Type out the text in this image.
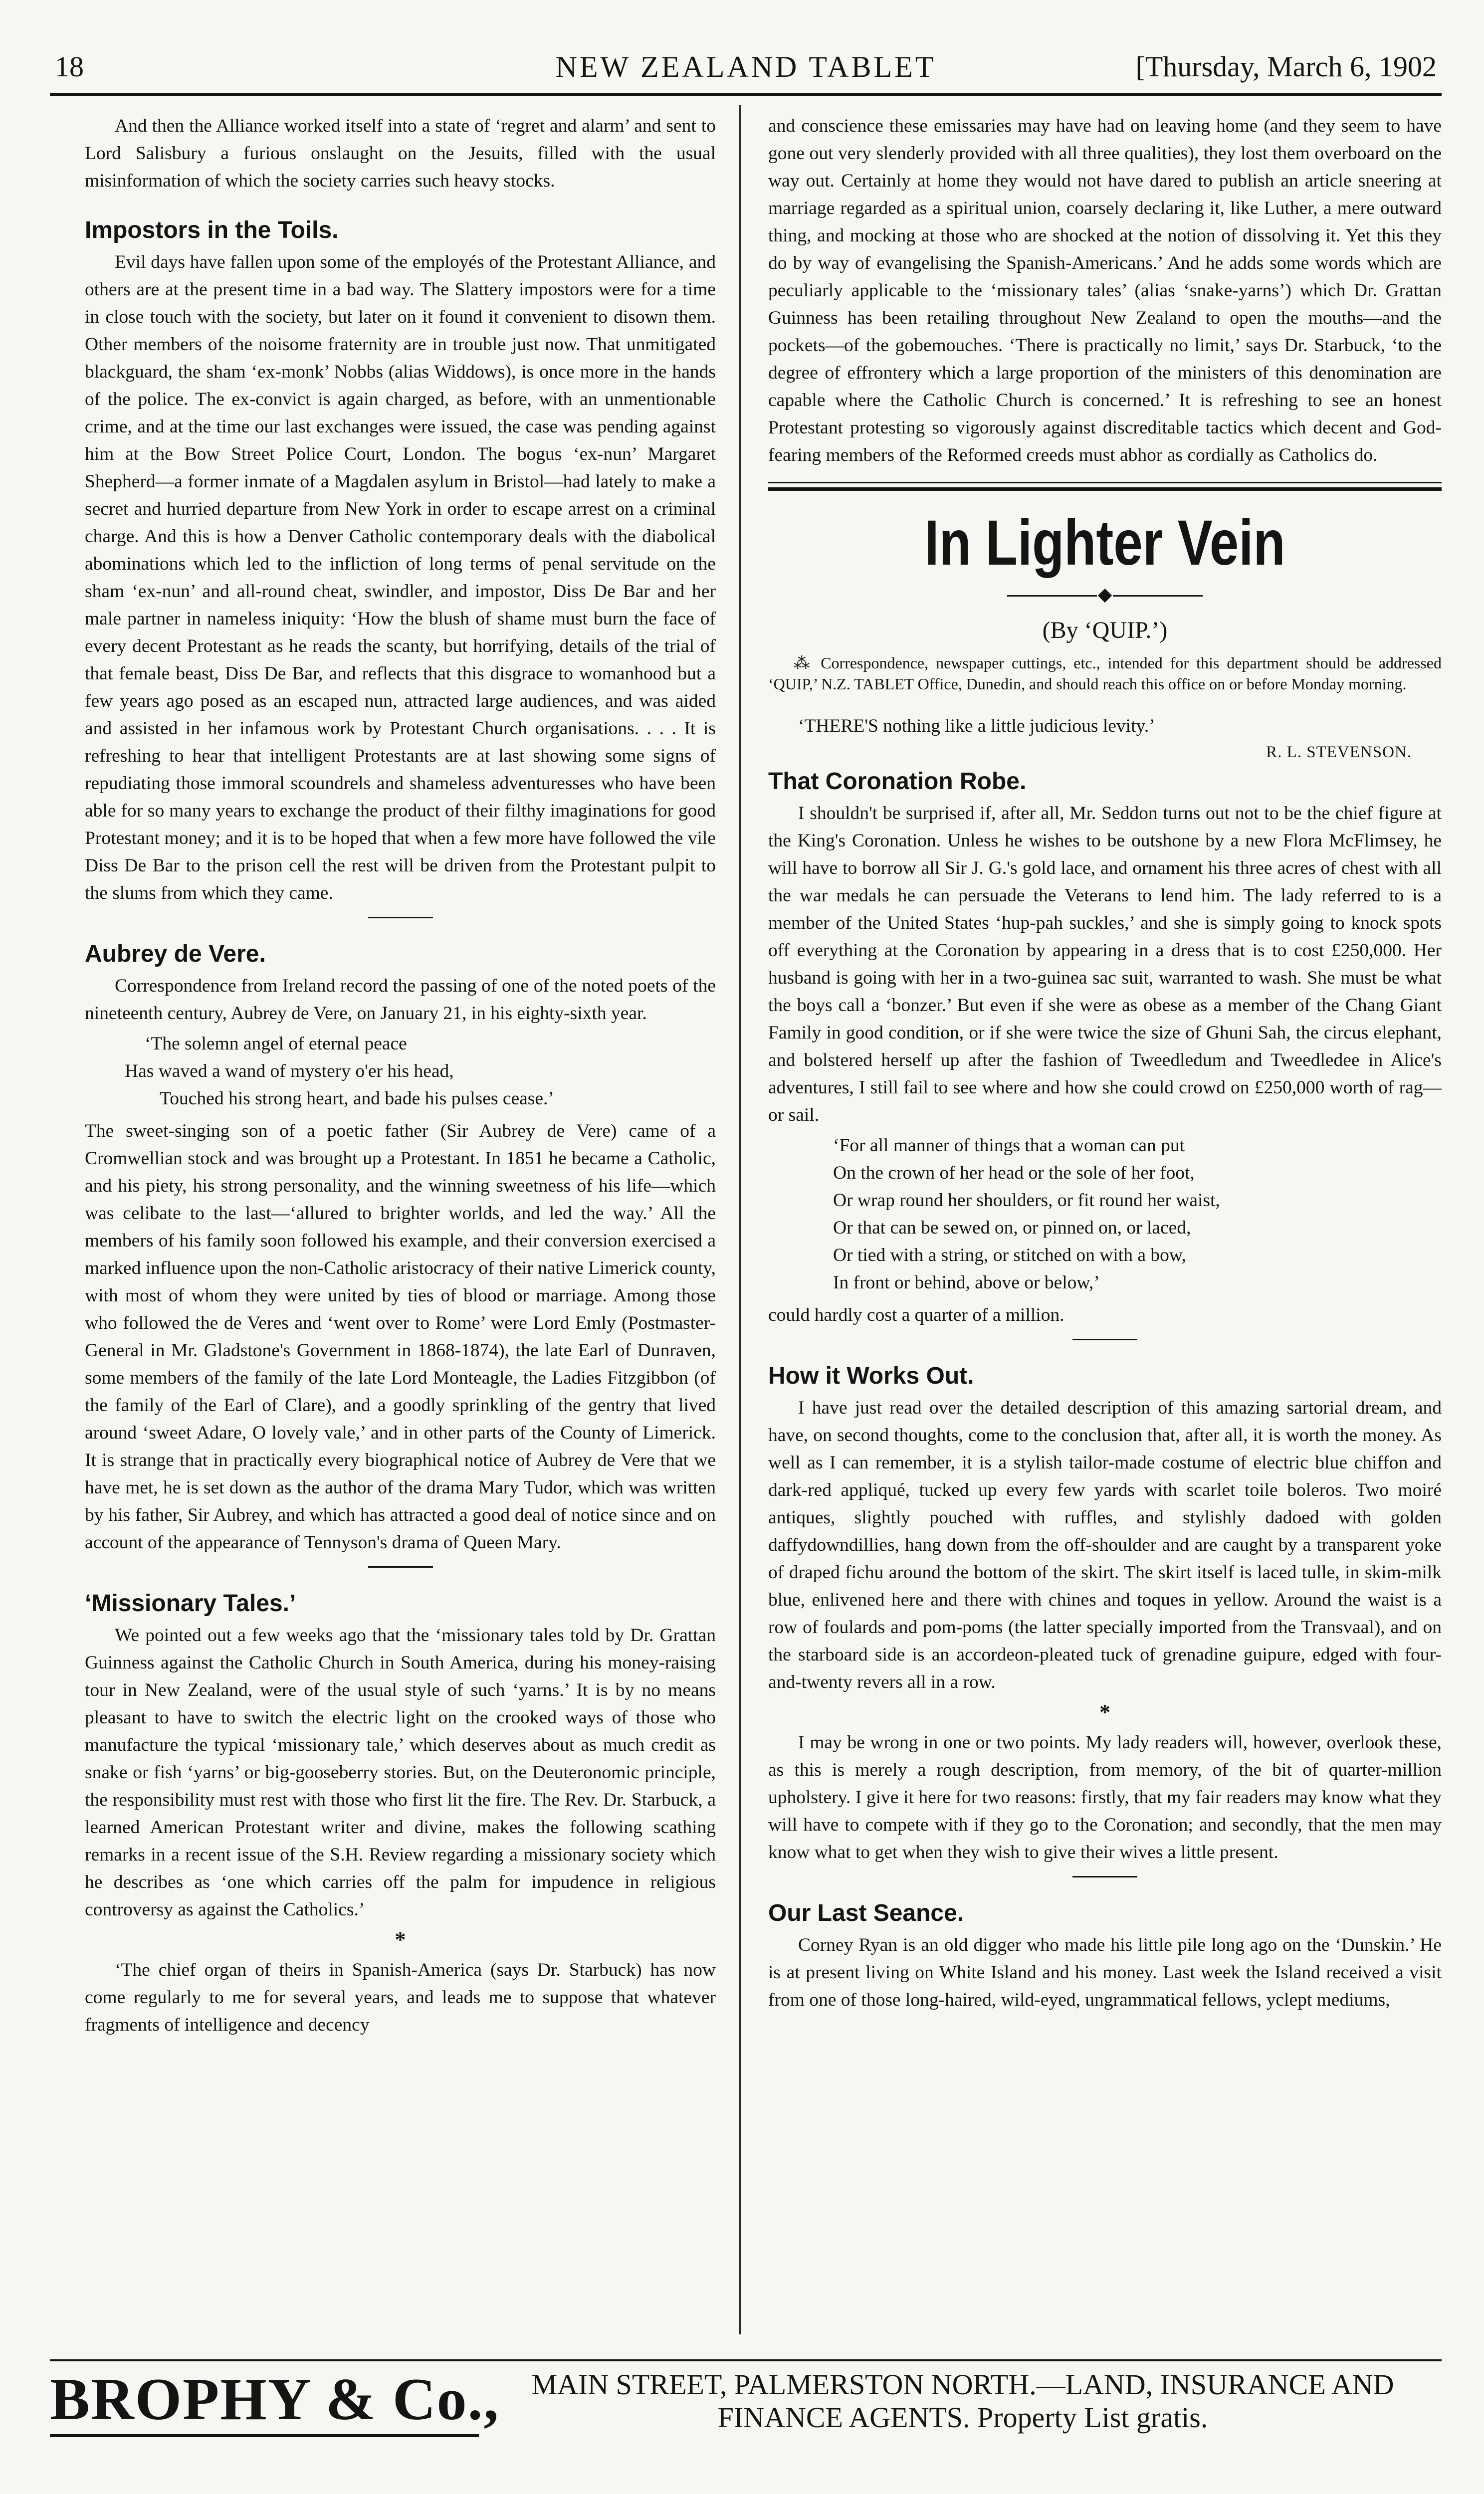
18	NEW ZEALAND TABLET	[Thursday, March 6, 1902

And then the Alliance worked itself into a state of ‘regret and alarm’ and sent to Lord Salisbury a furious onslaught on the Jesuits, filled with the usual misinformation of which the society carries such heavy stocks.

Impostors in the Toils.

Evil days have fallen upon some of the employés of the Protestant Alliance, and others are at the present time in a bad way. The Slattery impostors were for a time in close touch with the society, but later on it found it convenient to disown them. Other members of the noisome fraternity are in trouble just now. That unmitigated blackguard, the sham ‘ex-monk’ Nobbs (alias Widdows), is once more in the hands of the police. The ex-convict is again charged, as before, with an unmentionable crime, and at the time our last exchanges were issued, the case was pending against him at the Bow Street Police Court, London. The bogus ‘ex-nun’ Margaret Shepherd—a former inmate of a Magdalen asylum in Bristol—had lately to make a secret and hurried departure from New York in order to escape arrest on a criminal charge. And this is how a Denver Catholic contemporary deals with the diabolical abominations which led to the infliction of long terms of penal servitude on the sham ‘ex-nun’ and all-round cheat, swindler, and impostor, Diss De Bar and her male partner in nameless iniquity: ‘How the blush of shame must burn the face of every decent Protestant as he reads the scanty, but horrifying, details of the trial of that female beast, Diss De Bar, and reflects that this disgrace to womanhood but a few years ago posed as an escaped nun, attracted large audiences, and was aided and assisted in her infamous work by Protestant Church organisations. . . . It is refreshing to hear that intelligent Protestants are at last showing some signs of repudiating those immoral scoundrels and shameless adventuresses who have been able for so many years to exchange the product of their filthy imaginations for good Protestant money; and it is to be hoped that when a few more have followed the vile Diss De Bar to the prison cell the rest will be driven from the Protestant pulpit to the slums from which they came.

Aubrey de Vere.

Correspondence from Ireland record the passing of one of the noted poets of the nineteenth century, Aubrey de Vere, on January 21, in his eighty-sixth year.

‘The solemn angel of eternal peace
Has waved a wand of mystery o'er his head,
Touched his strong heart, and bade his pulses cease.’

The sweet-singing son of a poetic father (Sir Aubrey de Vere) came of a Cromwellian stock and was brought up a Protestant. In 1851 he became a Catholic, and his piety, his strong personality, and the winning sweetness of his life—which was celibate to the last—‘allured to brighter worlds, and led the way.’ All the members of his family soon followed his example, and their conversion exercised a marked influence upon the non-Catholic aristocracy of their native Limerick county, with most of whom they were united by ties of blood or marriage. Among those who followed the de Veres and ‘went over to Rome’ were Lord Emly (Postmaster-General in Mr. Gladstone's Government in 1868-1874), the late Earl of Dunraven, some members of the family of the late Lord Monteagle, the Ladies Fitzgibbon (of the family of the Earl of Clare), and a goodly sprinkling of the gentry that lived around ‘sweet Adare, O lovely vale,’ and in other parts of the County of Limerick. It is strange that in practically every biographical notice of Aubrey de Vere that we have met, he is set down as the author of the drama Mary Tudor, which was written by his father, Sir Aubrey, and which has attracted a good deal of notice since and on account of the appearance of Tennyson's drama of Queen Mary.

‘Missionary Tales.’

We pointed out a few weeks ago that the ‘missionary tales told by Dr. Grattan Guinness against the Catholic Church in South America, during his money-raising tour in New Zealand, were of the usual style of such ‘yarns.’ It is by no means pleasant to have to switch the electric light on the crooked ways of those who manufacture the typical ‘missionary tale,’ which deserves about as much credit as snake or fish ‘yarns’ or big-gooseberry stories. But, on the Deuteronomic principle, the responsibility must rest with those who first lit the fire. The Rev. Dr. Starbuck, a learned American Protestant writer and divine, makes the following scathing remarks in a recent issue of the S.H. Review regarding a missionary society which he describes as ‘one which carries off the palm for impudence in religious controversy as against the Catholics.’

*

‘The chief organ of theirs in Spanish-America (says Dr. Starbuck) has now come regularly to me for several years, and leads me to suppose that whatever fragments of intelligence and decency

and conscience these emissaries may have had on leaving home (and they seem to have gone out very slenderly provided with all three qualities), they lost them overboard on the way out. Certainly at home they would not have dared to publish an article sneering at marriage regarded as a spiritual union, coarsely declaring it, like Luther, a mere outward thing, and mocking at those who are shocked at the notion of dissolving it. Yet this they do by way of evangelising the Spanish-Americans.’ And he adds some words which are peculiarly applicable to the ‘missionary tales’ (alias ‘snake-yarns’) which Dr. Grattan Guinness has been retailing throughout New Zealand to open the mouths—and the pockets—of the gobemouches. ‘There is practically no limit,’ says Dr. Starbuck, ‘to the degree of effrontery which a large proportion of the ministers of this denomination are capable where the Catholic Church is concerned.’ It is refreshing to see an honest Protestant protesting so vigorously against discreditable tactics which decent and God-fearing members of the Reformed creeds must abhor as cordially as Catholics do.

In Lighter Vein
(By ‘QUIP.’)
⁂ Correspondence, newspaper cuttings, etc., intended for this department should be addressed ‘QUIP,’ N.Z. TABLET Office, Dunedin, and should reach this office on or before Monday morning.

‘THERE'S nothing like a little judicious levity.’

R. L. STEVENSON.
That Coronation Robe.

I shouldn't be surprised if, after all, Mr. Seddon turns out not to be the chief figure at the King's Coronation. Unless he wishes to be outshone by a new Flora McFlimsey, he will have to borrow all Sir J. G.'s gold lace, and ornament his three acres of chest with all the war medals he can persuade the Veterans to lend him. The lady referred to is a member of the United States ‘hup-pah suckles,’ and she is simply going to knock spots off everything at the Coronation by appearing in a dress that is to cost £250,000. Her husband is going with her in a two-guinea sac suit, warranted to wash. She must be what the boys call a ‘bonzer.’ But even if she were as obese as a member of the Chang Giant Family in good condition, or if she were twice the size of Ghuni Sah, the circus elephant, and bolstered herself up after the fashion of Tweedledum and Tweedledee in Alice's adventures, I still fail to see where and how she could crowd on £250,000 worth of rag—or sail.

‘For all manner of things that a woman can put
On the crown of her head or the sole of her foot,
Or wrap round her shoulders, or fit round her waist,
Or that can be sewed on, or pinned on, or laced,
Or tied with a string, or stitched on with a bow,
In front or behind, above or below,’

could hardly cost a quarter of a million.

How it Works Out.

I have just read over the detailed description of this amazing sartorial dream, and have, on second thoughts, come to the conclusion that, after all, it is worth the money. As well as I can remember, it is a stylish tailor-made costume of electric blue chiffon and dark-red appliqué, tucked up every few yards with scarlet toile boleros. Two moiré antiques, slightly pouched with ruffles, and stylishly dadoed with golden daffydowndillies, hang down from the off-shoulder and are caught by a transparent yoke of draped fichu around the bottom of the skirt. The skirt itself is laced tulle, in skim-milk blue, enlivened here and there with chines and toques in yellow. Around the waist is a row of foulards and pom-poms (the latter specially imported from the Transvaal), and on the starboard side is an accordeon-pleated tuck of grenadine guipure, edged with four-and-twenty revers all in a row.

*

I may be wrong in one or two points. My lady readers will, however, overlook these, as this is merely a rough description, from memory, of the bit of quarter-million upholstery. I give it here for two reasons: firstly, that my fair readers may know what they will have to compete with if they go to the Coronation; and secondly, that the men may know what to get when they wish to give their wives a little present.

Our Last Seance.

Corney Ryan is an old digger who made his little pile long ago on the ‘Dunskin.’ He is at present living on White Island and his money. Last week the Island received a visit from one of those long-haired, wild-eyed, ungrammatical fellows, yclept mediums,

BROPHY & Co.,	MAIN STREET, PALMERSTON NORTH.—LAND, INSURANCE AND
FINANCE AGENTS. Property List gratis.
